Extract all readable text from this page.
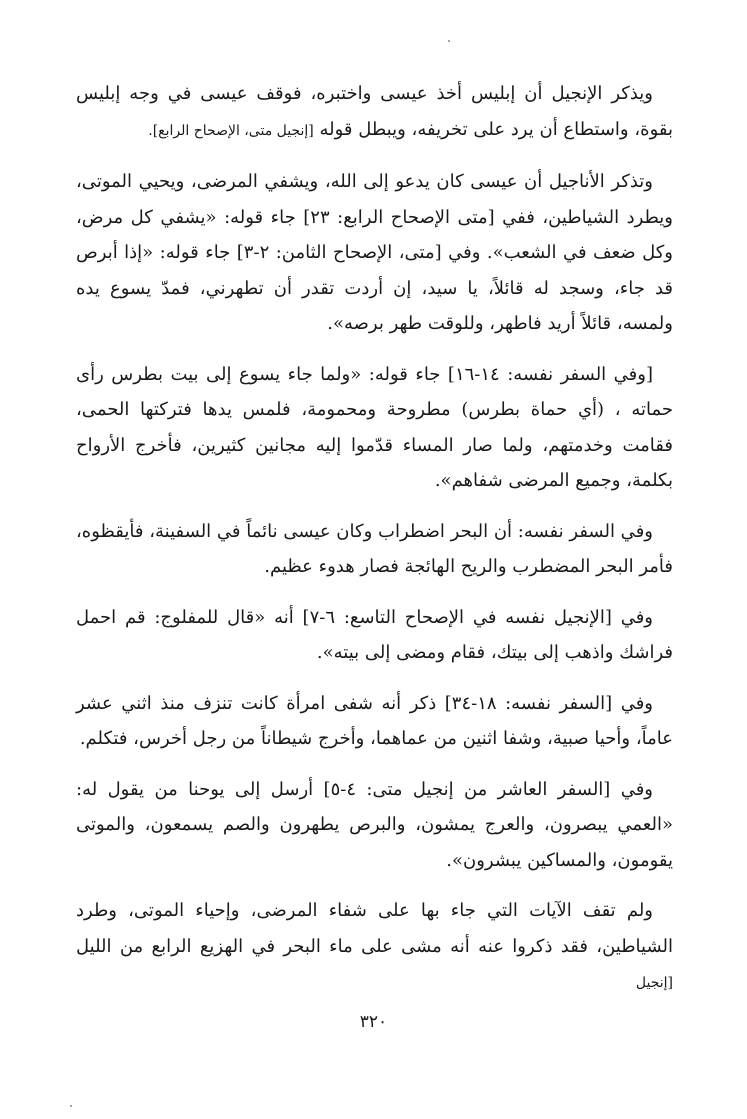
ويذكر الإنجيل أن إبليس أخذ عيسى واختبره، فوقف عيسى في وجه إبليس بقوة، واستطاع أن يرد على تخريفه، ويبطل قوله [إنجيل متى، الإصحاح الرابع].

وتذكر الأناجيل أن عيسى كان يدعو إلى الله، ويشفي المرضى، ويحيي الموتى، ويطرد الشياطين، ففي [متى الإصحاح الرابع: ٢٣] جاء قوله: «يشفي كل مرض، وكل ضعف في الشعب». وفي [متى، الإصحاح الثامن: ٢-٣] جاء قوله: «إذا أبرص قد جاء، وسجد له قائلاً، يا سيد، إن أردت تقدر أن تطهرني، فمدّ يسوع يده ولمسه، قائلاً أريد فاطهر، وللوقت طهر برصه».

[وفي السفر نفسه: ١٤-١٦] جاء قوله: «ولما جاء يسوع إلى بيت بطرس رأى حماته ، (أي حماة بطرس) مطروحة ومحمومة، فلمس يدها فتركتها الحمى، فقامت وخدمتهم، ولما صار المساء قدّموا إليه مجانين كثيرين، فأخرج الأرواح بكلمة، وجميع المرضى شفاهم».

وفي السفر نفسه: أن البحر اضطراب وكان عيسى نائماً في السفينة، فأيقظوه، فأمر البحر المضطرب والريح الهائجة فصار هدوء عظيم.

وفي [الإنجيل نفسه في الإصحاح التاسع: ٦-٧] أنه «قال للمفلوج: قم احمل فراشك واذهب إلى بيتك، فقام ومضى إلى بيته».

وفي [السفر نفسه: ١٨-٣٤] ذكر أنه شفى امرأة كانت تنزف منذ اثني عشر عاماً، وأحيا صبية، وشفا اثنين من عماهما، وأخرج شيطاناً من رجل أخرس، فتكلم.

وفي [السفر العاشر من إنجيل متى: ٤-٥] أرسل إلى يوحنا من يقول له: «العمي يبصرون، والعرج يمشون، والبرص يطهرون والصم يسمعون، والموتى يقومون، والمساكين يبشرون».

ولم تقف الآيات التي جاء بها على شفاء المرضى، وإحياء الموتى، وطرد الشياطين، فقد ذكروا عنه أنه مشى على ماء البحر في الهزيع الرابع من الليل [إنجيل

٣٢٠
